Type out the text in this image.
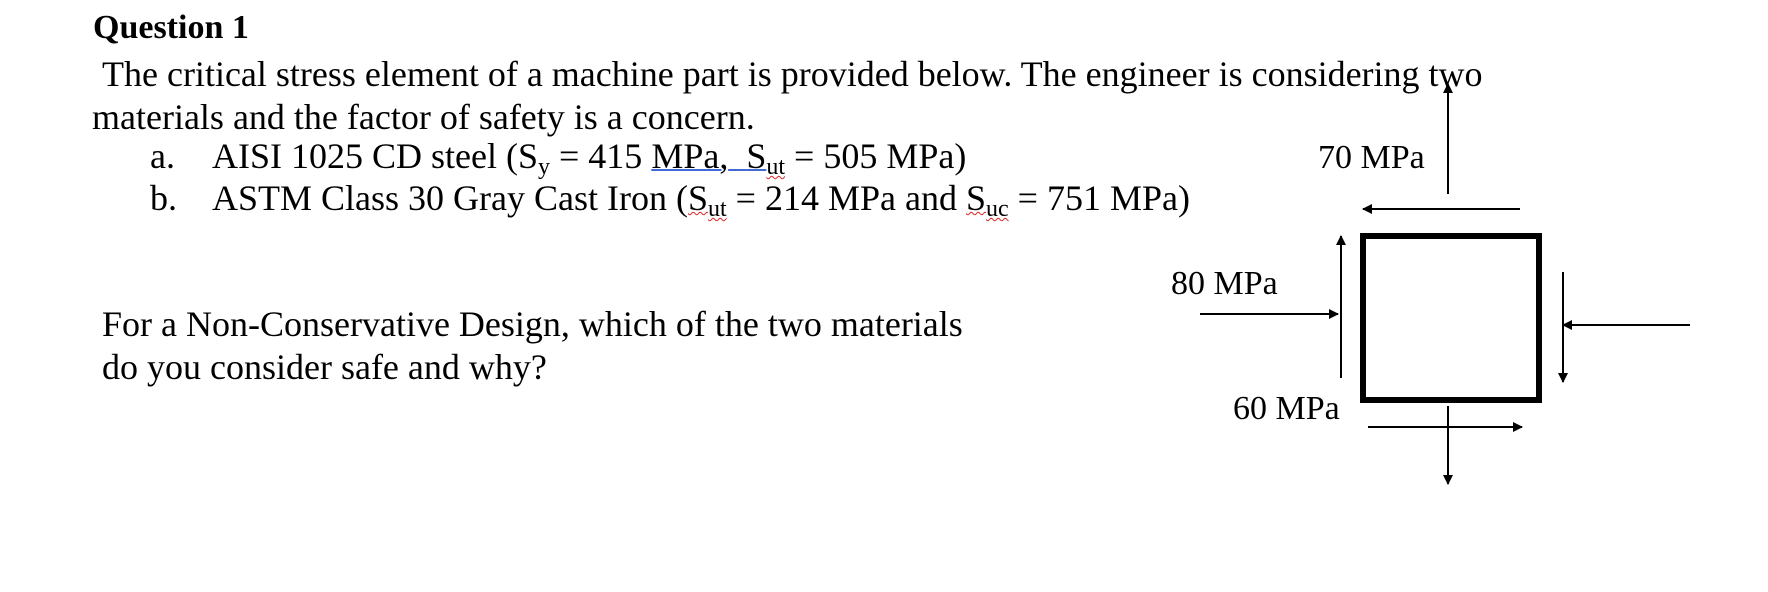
Question 1
The critical stress element of a machine part is provided below. The engineer is considering two
materials and the factor of safety is a concern.
a. AISI 1025 CD steel (Sy = 415 MPa, Sut = 505 MPa)
b. ASTM Class 30 Gray Cast Iron (Sut = 214 MPa and Suc = 751 MPa)
For a Non-Conservative Design, which of the two materials
do you consider safe and why?
70 MPa
80 MPa
60 MPa
